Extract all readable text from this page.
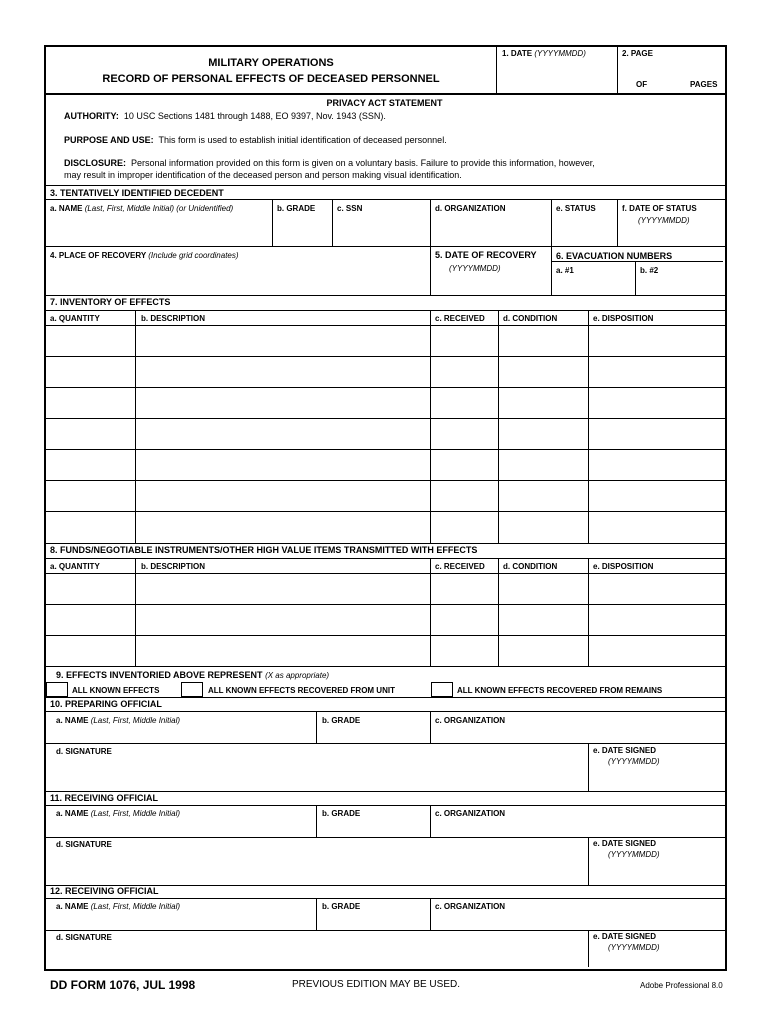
MILITARY OPERATIONS
RECORD OF PERSONAL EFFECTS OF DECEASED PERSONNEL
1. DATE (YYYYMMDD)	2. PAGE
OF	PAGES
PRIVACY ACT STATEMENT
AUTHORITY: 10 USC Sections 1481 through 1488, EO 9397, Nov. 1943 (SSN).
PURPOSE AND USE: This form is used to establish initial identification of deceased personnel.
DISCLOSURE: Personal information provided on this form is given on a voluntary basis. Failure to provide this information, however,
may result in improper identification of the deceased person and person making visual identification.
3. TENTATIVELY IDENTIFIED DECEDENT
a. NAME (Last, First, Middle Initial) (or Unidentified)	b. GRADE	c. SSN	d. ORGANIZATION	e. STATUS	f. DATE OF STATUS
(YYYYMMDD)
4. PLACE OF RECOVERY (Include grid coordinates)	5. DATE OF RECOVERY
(YYYYMMDD)
6. EVACUATION NUMBERS
a. #1	b. #2
7. INVENTORY OF EFFECTS
a. QUANTITY	b. DESCRIPTION	c. RECEIVED d. CONDITION	e. DISPOSITION
8. FUNDS/NEGOTIABLE INSTRUMENTS/OTHER HIGH VALUE ITEMS TRANSMITTED WITH EFFECTS
a. QUANTITY	b. DESCRIPTION	c. RECEIVED d. CONDITION	e. DISPOSITION
9. EFFECTS INVENTORIED ABOVE REPRESENT (X as appropriate)
ALL KNOWN EFFECTS	ALL KNOWN EFFECTS RECOVERED FROM UNIT	ALL KNOWN EFFECTS RECOVERED FROM REMAINS
10. PREPARING OFFICIAL
a. NAME (Last, First, Middle Initial)	b. GRADE	c. ORGANIZATION
d. SIGNATURE	e. DATE SIGNED
(YYYYMMDD)
11. RECEIVING OFFICIAL
a. NAME (Last, First, Middle Initial)	b. GRADE	c. ORGANIZATION
d. SIGNATURE	e. DATE SIGNED
(YYYYMMDD)
12. RECEIVING OFFICIAL
a. NAME (Last, First, Middle Initial)	b. GRADE	c. ORGANIZATION
d. SIGNATURE	e. DATE SIGNED
(YYYYMMDD)
DD FORM 1076, JUL 1998	PREVIOUS EDITION MAY BE USED.	Adobe Professional 8.0
